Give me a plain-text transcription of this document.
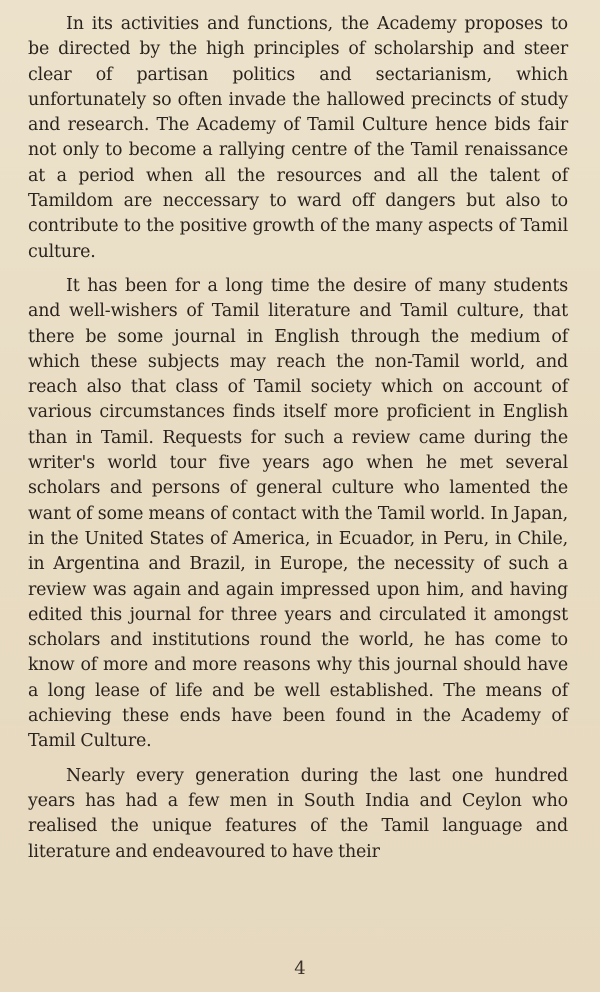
In its activities and functions, the Academy proposes to be directed by the high principles of scholarship and steer clear of partisan politics and sectarianism, which unfortunately so often invade the hallowed precincts of study and research. The Academy of Tamil Culture hence bids fair not only to become a rallying centre of the Tamil renaissance at a period when all the resources and all the talent of Tamildom are neccessary to ward off dangers but also to contribute to the positive growth of the many aspects of Tamil culture.

It has been for a long time the desire of many students and well-wishers of Tamil literature and Tamil culture, that there be some journal in English through the medium of which these subjects may reach the non-Tamil world, and reach also that class of Tamil society which on account of various circumstances finds itself more proficient in English than in Tamil. Requests for such a review came during the writer's world tour five years ago when he met several scholars and persons of general culture who lamented the want of some means of contact with the Tamil world. In Japan, in the United States of America, in Ecuador, in Peru, in Chile, in Argentina and Brazil, in Europe, the necessity of such a review was again and again impressed upon him, and having edited this journal for three years and circulated it amongst scholars and institutions round the world, he has come to know of more and more reasons why this journal should have a long lease of life and be well established. The means of achieving these ends have been found in the Academy of Tamil Culture.

Nearly every generation during the last one hundred years has had a few men in South India and Ceylon who realised the unique features of the Tamil language and literature and endeavoured to have their

4
